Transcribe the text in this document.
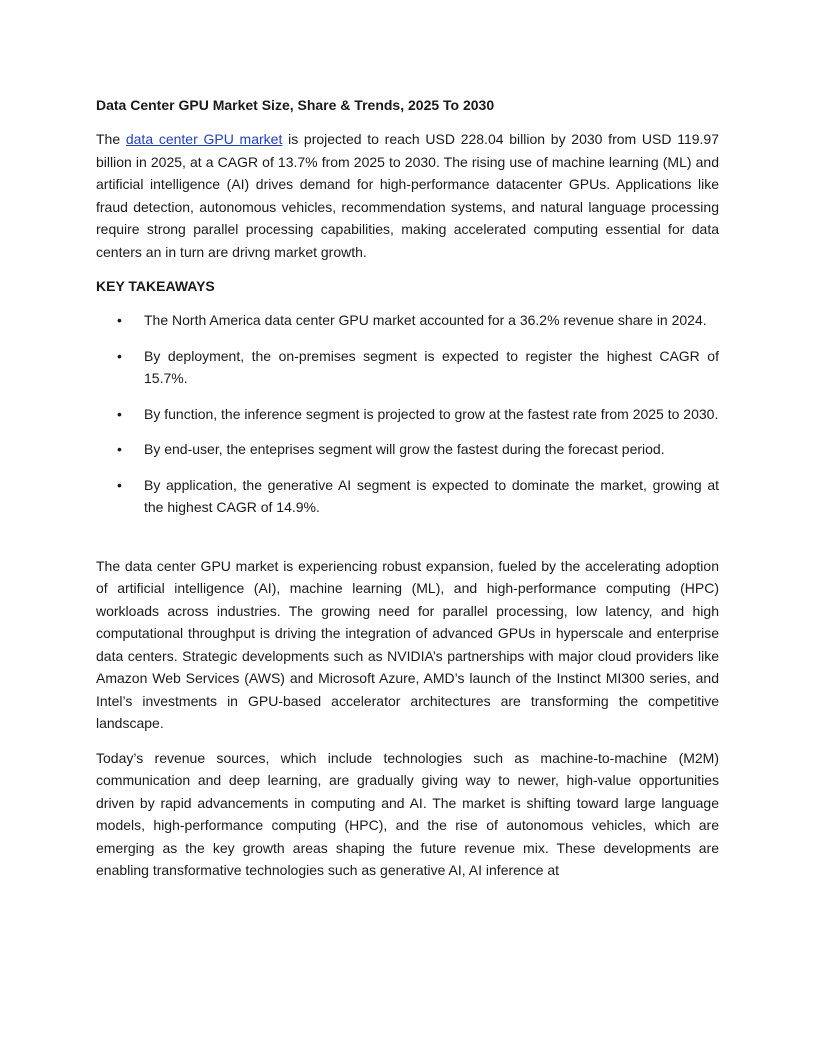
Data Center GPU Market Size, Share & Trends, 2025 To 2030

The data center GPU market is projected to reach USD 228.04 billion by 2030 from USD 119.97 billion in 2025, at a CAGR of 13.7% from 2025 to 2030. The rising use of machine learning (ML) and artificial intelligence (AI) drives demand for high-performance datacenter GPUs. Applications like fraud detection, autonomous vehicles, recommendation systems, and natural language processing require strong parallel processing capabilities, making accelerated computing essential for data centers an in turn are drivng market growth.

KEY TAKEAWAYS
• The North America data center GPU market accounted for a 36.2% revenue share in 2024.
• By deployment, the on-premises segment is expected to register the highest CAGR of 15.7%.
• By function, the inference segment is projected to grow at the fastest rate from 2025 to 2030.
• By end-user, the enteprises segment will grow the fastest during the forecast period.
• By application, the generative AI segment is expected to dominate the market, growing at the highest CAGR of 14.9%.

The data center GPU market is experiencing robust expansion, fueled by the accelerating adoption of artificial intelligence (AI), machine learning (ML), and high-performance computing (HPC) workloads across industries. The growing need for parallel processing, low latency, and high computational throughput is driving the integration of advanced GPUs in hyperscale and enterprise data centers. Strategic developments such as NVIDIA’s partnerships with major cloud providers like Amazon Web Services (AWS) and Microsoft Azure, AMD’s launch of the Instinct MI300 series, and Intel’s investments in GPU-based accelerator architectures are transforming the competitive landscape.

Today’s revenue sources, which include technologies such as machine-to-machine (M2M) communication and deep learning, are gradually giving way to newer, high-value opportunities driven by rapid advancements in computing and AI. The market is shifting toward large language models, high-performance computing (HPC), and the rise of autonomous vehicles, which are emerging as the key growth areas shaping the future revenue mix. These developments are enabling transformative technologies such as generative AI, AI inference at
